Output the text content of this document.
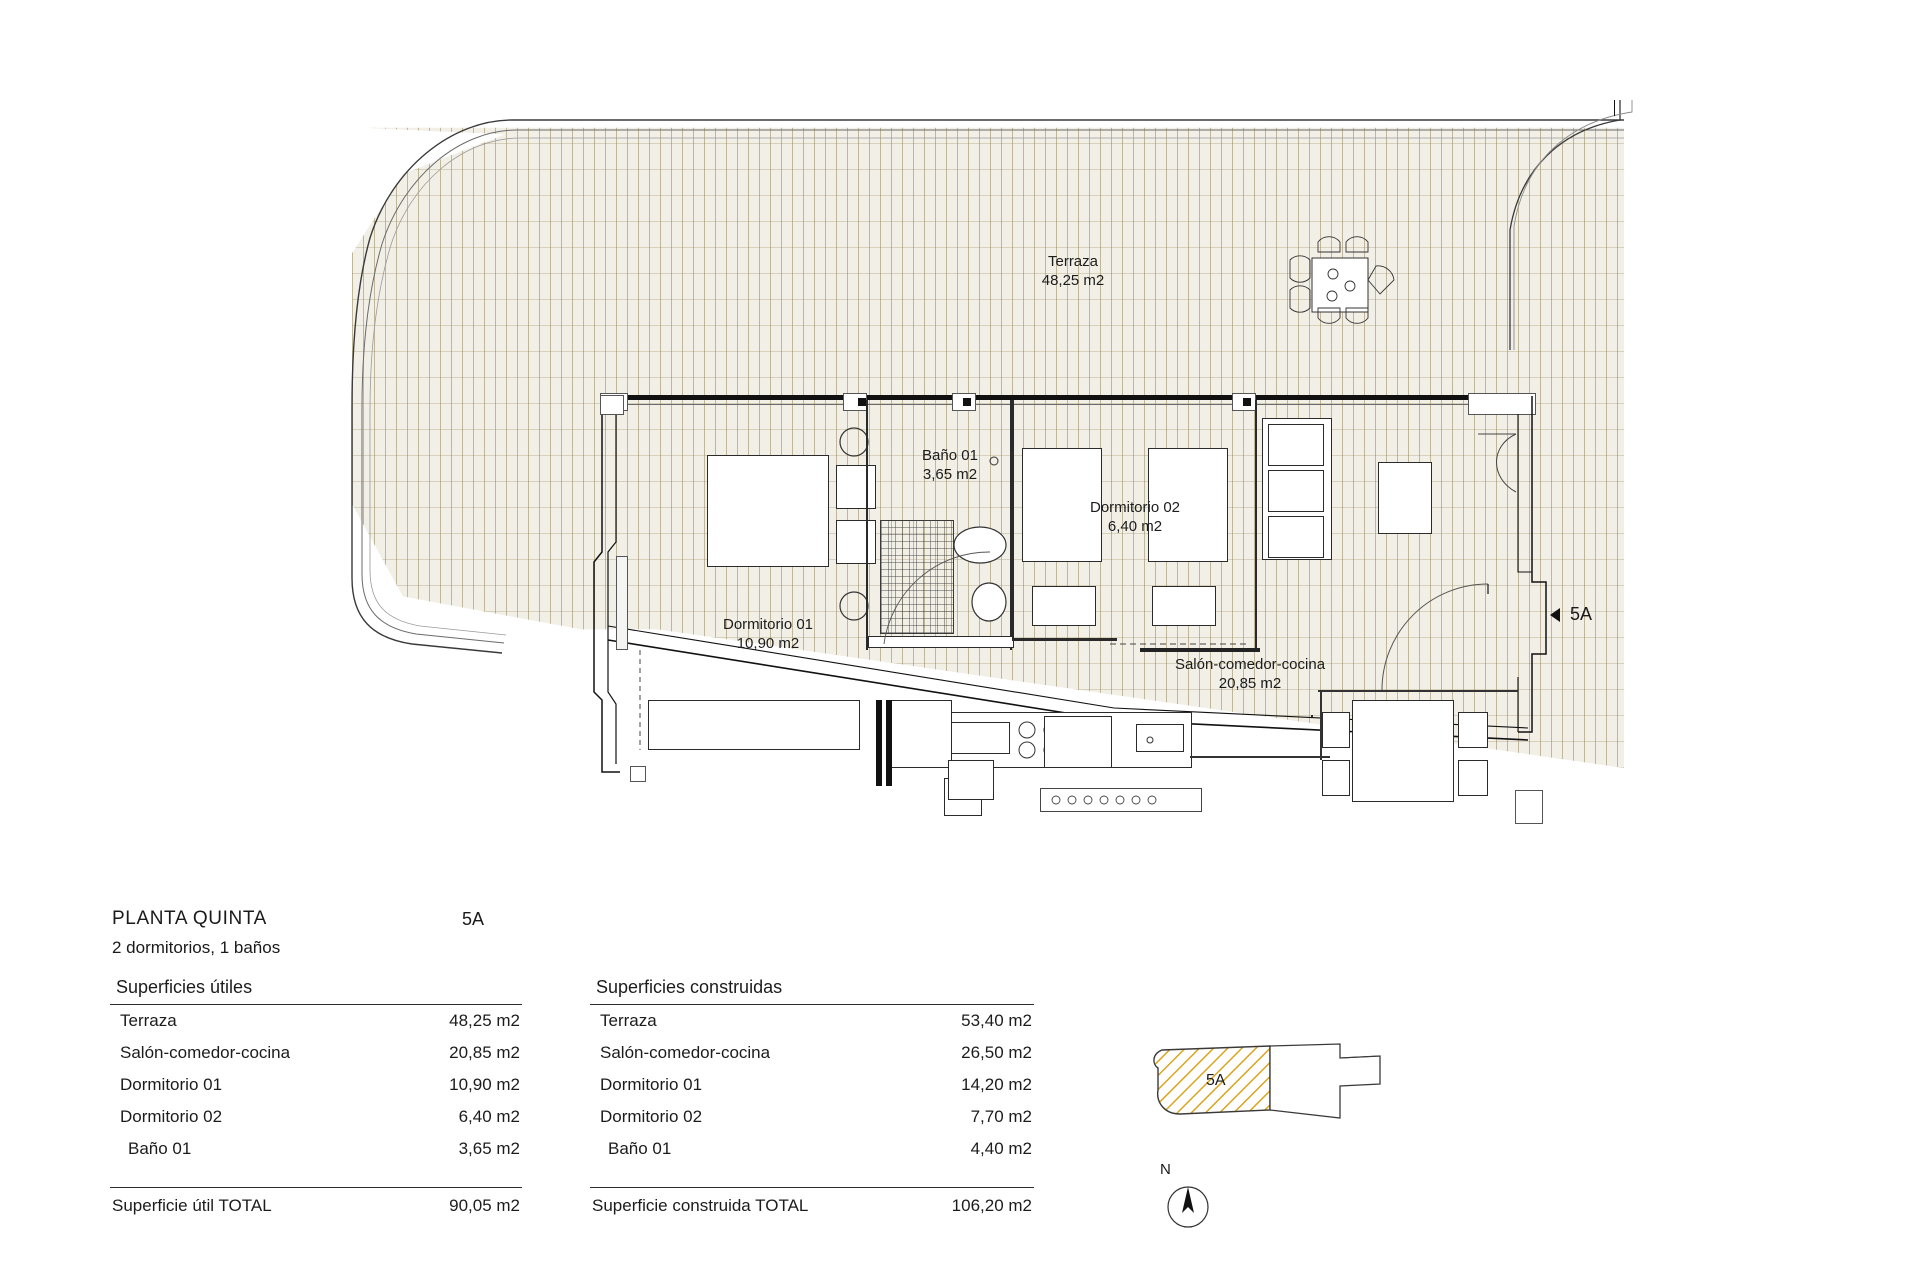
Terraza
48,25 m2
Baño 01
3,65 m2
Dormitorio 02
6,40 m2
Dormitorio 01
10,90 m2
Salón-comedor-cocina
20,85 m2
5A
PLANTA QUINTA	5A
2 dormitorios, 1 baños
Superficies útiles
Terraza	48,25 m2
Salón-comedor-cocina	20,85 m2
Dormitorio 01	10,90 m2
Dormitorio 02	6,40 m2
Baño 01	3,65 m2
Superficie útil TOTAL	90,05 m2
Superficies construidas
Terraza	53,40 m2
Salón-comedor-cocina	26,50 m2
Dormitorio 01	14,20 m2
Dormitorio 02	7,70 m2
Baño 01	4,40 m2
Superficie construida TOTAL	106,20 m2
5A
N
